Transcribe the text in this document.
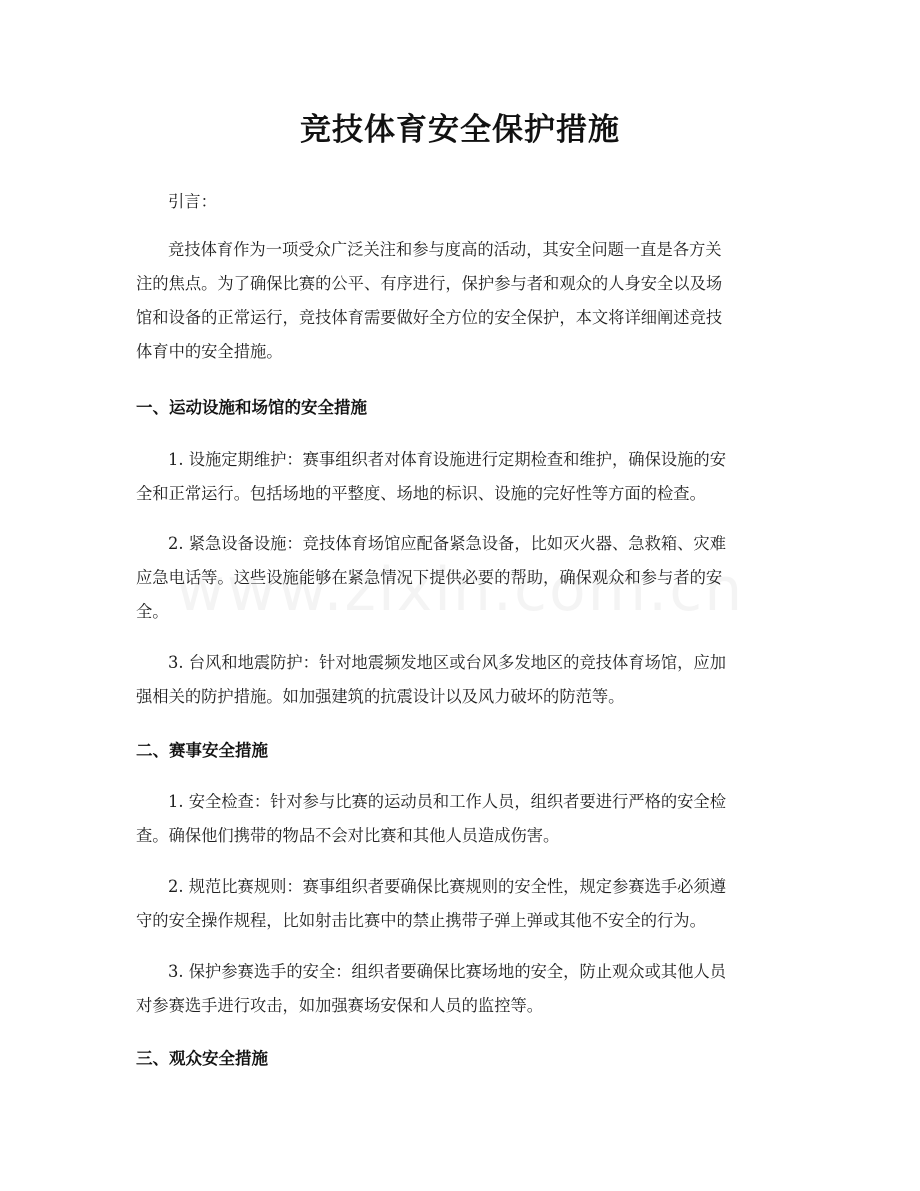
竞技体育安全保护措施
引言：
竞技体育作为一项受众广泛关注和参与度高的活动，其安全问题一直是各方关
注的焦点。为了确保比赛的公平、有序进行，保护参与者和观众的人身安全以及场
馆和设备的正常运行，竞技体育需要做好全方位的安全保护，本文将详细阐述竞技
体育中的安全措施。
一、运动设施和场馆的安全措施
1. 设施定期维护：赛事组织者对体育设施进行定期检查和维护，确保设施的安
全和正常运行。包括场地的平整度、场地的标识、设施的完好性等方面的检查。
2. 紧急设备设施：竞技体育场馆应配备紧急设备，比如灭火器、急救箱、灾难
应急电话等。这些设施能够在紧急情况下提供必要的帮助，确保观众和参与者的安
全。
3. 台风和地震防护：针对地震频发地区或台风多发地区的竞技体育场馆，应加
强相关的防护措施。如加强建筑的抗震设计以及风力破坏的防范等。
二、赛事安全措施
1. 安全检查：针对参与比赛的运动员和工作人员，组织者要进行严格的安全检
查。确保他们携带的物品不会对比赛和其他人员造成伤害。
2. 规范比赛规则：赛事组织者要确保比赛规则的安全性，规定参赛选手必须遵
守的安全操作规程，比如射击比赛中的禁止携带子弹上弹或其他不安全的行为。
3. 保护参赛选手的安全：组织者要确保比赛场地的安全，防止观众或其他人员
对参赛选手进行攻击，如加强赛场安保和人员的监控等。
三、观众安全措施
